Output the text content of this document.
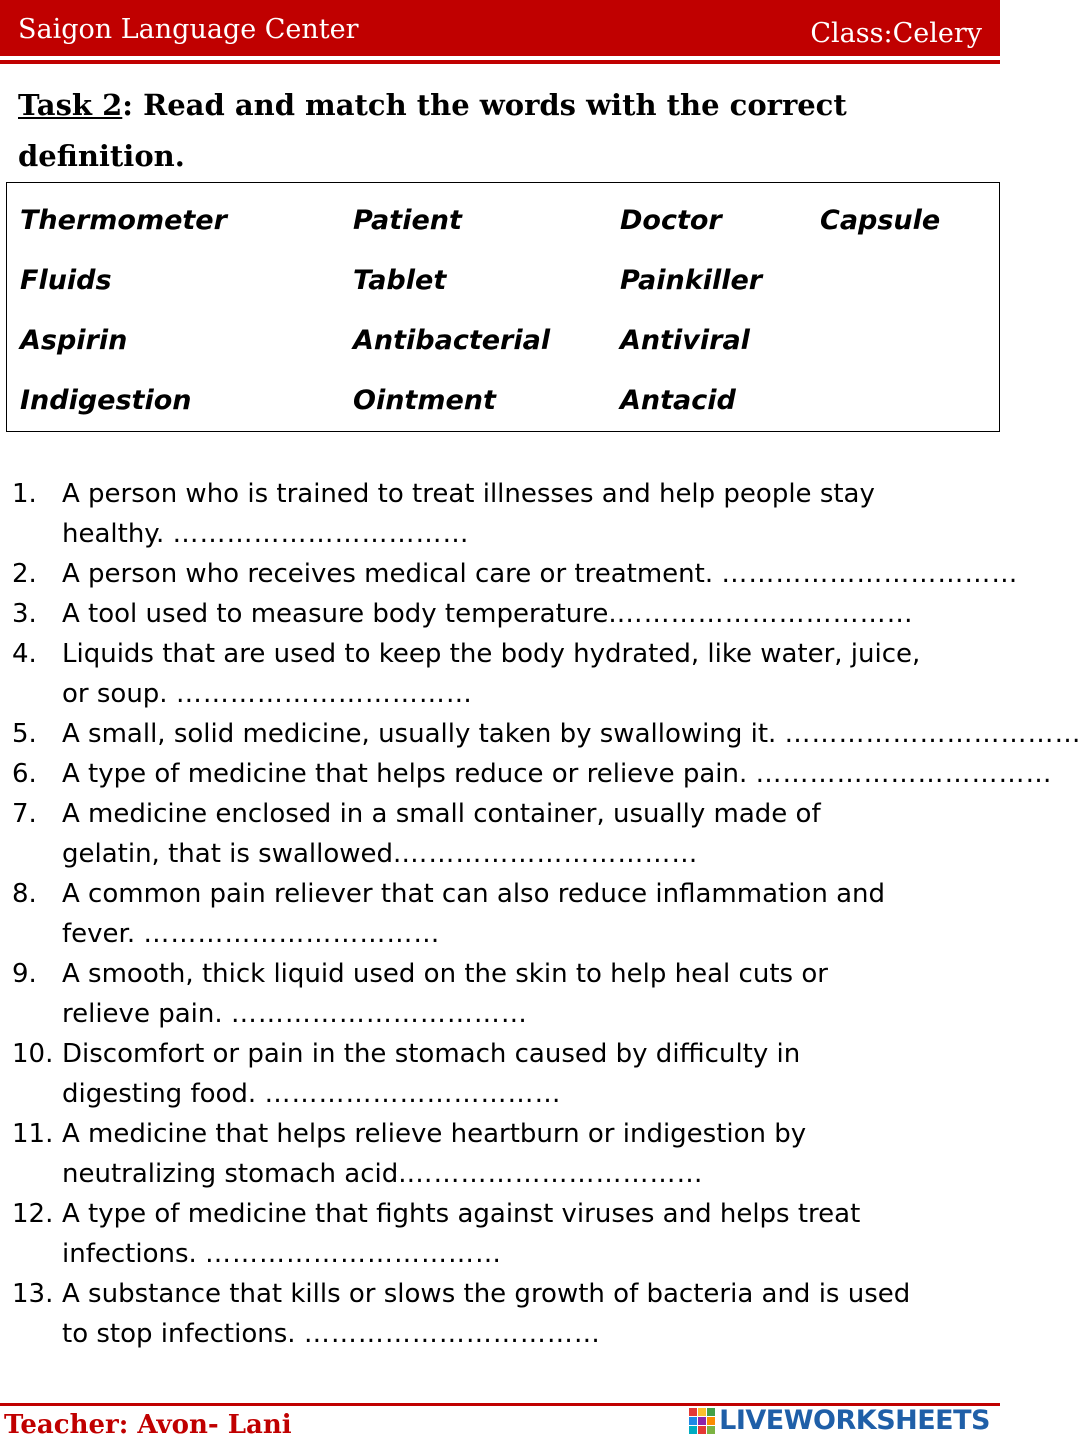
Saigon Language Center	Class:Celery
Task 2: Read and match the words with the correct definition.
Thermometer	Patient	Doctor	Capsule
Fluids	Tablet	Painkiller
Aspirin	Antibacterial	Antiviral
Indigestion	Ointment	Antacid
1. A person who is trained to treat illnesses and help people stay
healthy. ……………………………
2. A person who receives medical care or treatment. ……………………………
3. A tool used to measure body temperature.……………………………
4. Liquids that are used to keep the body hydrated, like water, juice,
or soup. ……………………………
5. A small, solid medicine, usually taken by swallowing it. ……………………………
6. A type of medicine that helps reduce or relieve pain. ……………………………
7. A medicine enclosed in a small container, usually made of
gelatin, that is swallowed.……………………………
8. A common pain reliever that can also reduce inflammation and
fever. ……………………………
9. A smooth, thick liquid used on the skin to help heal cuts or
relieve pain. ……………………………
10. Discomfort or pain in the stomach caused by difficulty in
digesting food. ……………………………
11. A medicine that helps relieve heartburn or indigestion by
neutralizing stomach acid.……………………………
12. A type of medicine that fights against viruses and helps treat
infections. ……………………………
13. A substance that kills or slows the growth of bacteria and is used
to stop infections. ……………………………
Teacher: Avon- Lani	LIVEWORKSHEETS
